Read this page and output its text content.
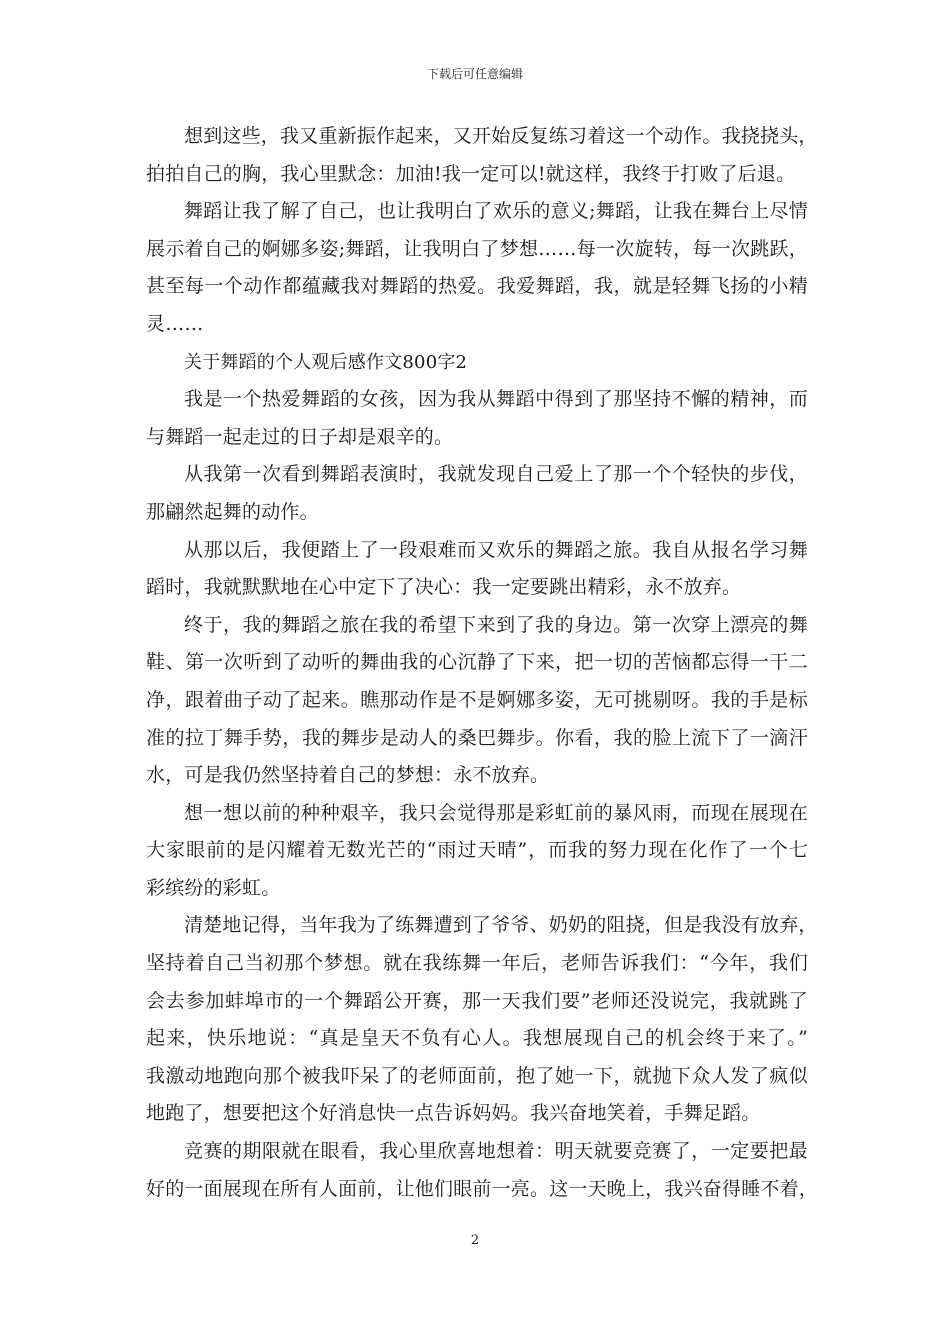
下载后可任意编辑
想到这些，我又重新振作起来，又开始反复练习着这一个动作。我挠挠头，
拍拍自己的胸，我心里默念：加油!我一定可以!就这样，我终于打败了后退。
舞蹈让我了解了自己，也让我明白了欢乐的意义;舞蹈，让我在舞台上尽情
展示着自己的婀娜多姿;舞蹈，让我明白了梦想……每一次旋转，每一次跳跃，
甚至每一个动作都蕴藏我对舞蹈的热爱。我爱舞蹈，我，就是轻舞飞扬的小精
灵……
关于舞蹈的个人观后感作文800字2
我是一个热爱舞蹈的女孩，因为我从舞蹈中得到了那坚持不懈的精神，而
与舞蹈一起走过的日子却是艰辛的。
从我第一次看到舞蹈表演时，我就发现自己爱上了那一个个轻快的步伐，
那翩然起舞的动作。
从那以后，我便踏上了一段艰难而又欢乐的舞蹈之旅。我自从报名学习舞
蹈时，我就默默地在心中定下了决心：我一定要跳出精彩，永不放弃。
终于，我的舞蹈之旅在我的希望下来到了我的身边。第一次穿上漂亮的舞
鞋、第一次听到了动听的舞曲我的心沉静了下来，把一切的苦恼都忘得一干二
净，跟着曲子动了起来。瞧那动作是不是婀娜多姿，无可挑剔呀。我的手是标
准的拉丁舞手势，我的舞步是动人的桑巴舞步。你看，我的脸上流下了一滴汗
水，可是我仍然坚持着自己的梦想：永不放弃。
想一想以前的种种艰辛，我只会觉得那是彩虹前的暴风雨，而现在展现在
大家眼前的是闪耀着无数光芒的“雨过天晴”，而我的努力现在化作了一个七
彩缤纷的彩虹。
清楚地记得，当年我为了练舞遭到了爷爷、奶奶的阻挠，但是我没有放弃，
坚持着自己当初那个梦想。就在我练舞一年后，老师告诉我们：“今年，我们
会去参加蚌埠市的一个舞蹈公开赛，那一天我们要”老师还没说完，我就跳了
起来，快乐地说：“真是皇天不负有心人。我想展现自己的机会终于来了。”
我激动地跑向那个被我吓呆了的老师面前，抱了她一下，就抛下众人发了疯似
地跑了，想要把这个好消息快一点告诉妈妈。我兴奋地笑着，手舞足蹈。
竞赛的期限就在眼看，我心里欣喜地想着：明天就要竞赛了，一定要把最
好的一面展现在所有人面前，让他们眼前一亮。这一天晚上，我兴奋得睡不着，
2
